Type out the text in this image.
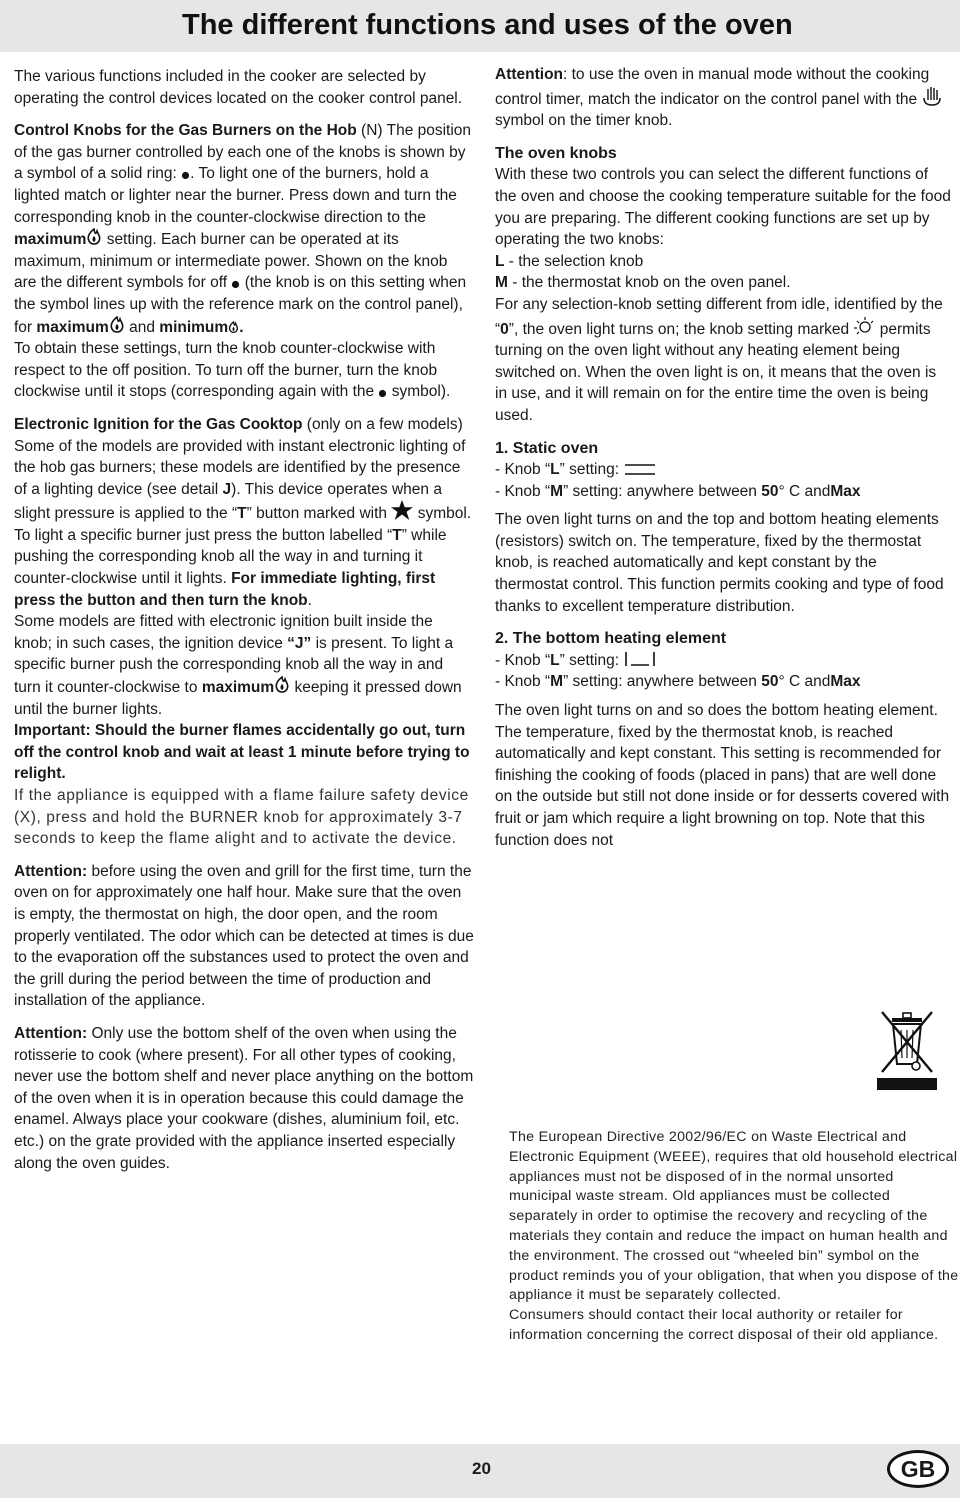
The different functions and uses of the oven

The various functions included in the cooker are selected by operating the control devices located on the cooker control panel.

Control Knobs for the Gas Burners on the Hob (N) The position of the gas burner controlled by each one of the knobs is shown by a symbol of a solid ring: . To light one of the burners, hold a lighted match or lighter near the burner. Press down and turn the corresponding knob in the counter-clockwise direction to the maximum setting. Each burner can be operated at its maximum, minimum or intermediate power. Shown on the knob are the different symbols for off (the knob is on this setting when the symbol lines up with the reference mark on the control panel), for maximum and minimum .

To obtain these settings, turn the knob counter-clockwise with respect to the off position. To turn off the burner, turn the knob clockwise until it stops (corresponding again with the symbol).

Electronic Ignition for the Gas Cooktop (only on a few models)
Some of the models are provided with instant electronic lighting of the hob gas burners; these models are identified by the presence of a lighting device (see detail J). This device operates when a slight pressure is applied to the “T” button marked with symbol. To light a specific burner just press the button labelled “T” while pushing the corresponding knob all the way in and turning it counter-clockwise until it lights. For immediate lighting, first press the button and then turn the knob.
Some models are fitted with electronic ignition built inside the knob; in such cases, the ignition device “J” is present. To light a specific burner push the corresponding knob all the way in and turn it counter-clockwise to maximum keeping it pressed down until the burner lights.
Important: Should the burner flames accidentally go out, turn off the control knob and wait at least 1 minute before trying to relight.

If the appliance is equipped with a flame failure safety device (X), press and hold the BURNER knob for approximately 3-7 seconds to keep the flame alight and to activate the device.

Attention: before using the oven and grill for the first time, turn the oven on for approximately one half hour. Make sure that the oven is empty, the thermostat on high, the door open, and the room properly ventilated. The odor which can be detected at times is due to the evaporation off the substances used to protect the oven and the grill during the period between the time of production and installation of the appliance.

Attention: Only use the bottom shelf of the oven when using the rotisserie to cook (where present). For all other types of cooking, never use the bottom shelf and never place anything on the bottom of the oven when it is in operation because this could damage the enamel. Always place your cookware (dishes, aluminium foil, etc. etc.) on the grate provided with the appliance inserted especially along the oven guides.

Attention: to use the oven in manual mode without the cooking control timer, match the indicator on the control panel with the  symbol on the timer knob.

The oven knobs
With these two controls you can select the different functions of the oven and choose the cooking temperature suitable for the food you are preparing. The different cooking functions are set up by operating the two knobs:
L - the selection knob
M - the thermostat knob on the oven panel.
For any selection-knob setting different from idle, identified by the “0”, the oven light turns on; the knob setting marked permits turning on the oven light without any heating element being switched on. When the oven light is on, it means that the oven is in use, and it will remain on for the entire time the oven is being used.

1. Static oven
- Knob “L” setting:
- Knob “M” setting: anywhere between 50° C andMax
The oven light turns on and the top and bottom heating elements (resistors) switch on. The temperature, fixed by the thermostat knob, is reached automatically and kept constant by the thermostat control. This function permits cooking and type of food thanks to excellent temperature distribution.

2. The bottom heating element
- Knob “L” setting:
- Knob “M” setting: anywhere between 50° C andMax
The oven light turns on and so does the bottom heating element. The temperature, fixed by the thermostat knob, is reached automatically and kept constant. This setting is recommended for finishing the cooking of foods (placed in pans) that are well done on the outside but still not done inside or for desserts covered with fruit or jam which require a light browning on top. Note that this function does not

The European Directive 2002/96/EC on Waste Electrical and Electronic Equipment (WEEE), requires that old household electrical appliances must not be disposed of in the normal unsorted municipal waste stream. Old appliances must be collected separately in order to optimise the recovery and recycling of the materials they contain and reduce the impact on human health and the environment. The crossed out “wheeled bin” symbol on the product reminds you of your obligation, that when you dispose of the appliance it must be separately collected.

Consumers should contact their local authority or retailer for information concerning the correct disposal of their old appliance.

20	GB
